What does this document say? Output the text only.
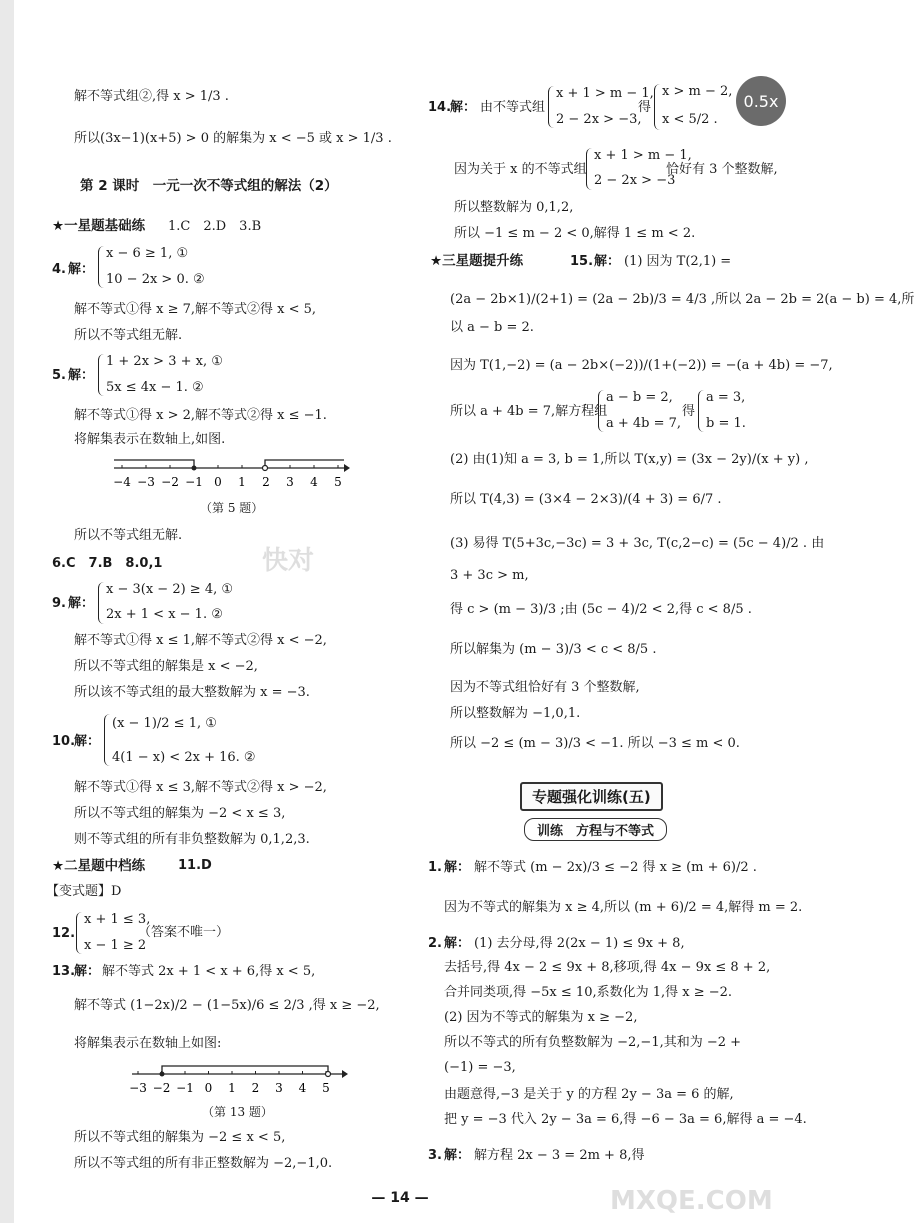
解不等式组②,得 x > 1/3 .
所以(3x−1)(x+5) > 0 的解集为 x < −5 或 x > 1/3 .
第 2 课时　一元一次不等式组的解法（2）
★一星题基础练 1.C　2.D　3.B
4. 解：
x − 6 ≥ 1, ①
10 − 2x > 0. ②
解不等式①得 x ≥ 7,解不等式②得 x < 5,
所以不等式组无解.
5. 解：
1 + 2x > 3 + x, ①
5x ≤ 4x − 1. ②
解不等式①得 x > 2,解不等式②得 x ≤ −1.
将解集表示在数轴上,如图.
−4 −3 −2 −1 0 1 2 3 4 5
（第 5 题）
所以不等式组无解.
6.C　7.B　8.0,1
9. 解：
x − 3(x − 2) ≥ 4, ①
2x + 1 < x − 1. ②
解不等式①得 x ≤ 1,解不等式②得 x < −2,
所以不等式组的解集是 x < −2,
所以该不等式组的最大整数解为 x = −3.
10.
解：
(x − 1)/2 ≤ 1, ①
4(1 − x) < 2x + 16. ②
解不等式①得 x ≤ 3,解不等式②得 x > −2,
所以不等式组的解集为 −2 < x ≤ 3,
则不等式组的所有非负整数解为 0,1,2,3.
★二星题中档练	11.D
【变式题】D
12.
x + 1 ≤ 3,
x − 1 ≥ 2
（答案不唯一）
13.
解： 解不等式 2x + 1 < x + 6,得 x < 5,
解不等式 (1−2x)/2 − (1−5x)/6 ≤ 2/3 ,得 x ≥ −2,
将解集表示在数轴上如图:
−3 −2 −1 0 1 2 3 4 5
（第 13 题）
所以不等式组的解集为 −2 ≤ x < 5,
所以不等式组的所有非正整数解为 −2,−1,0.
14.
解： 由不等式组
x + 1 > m − 1,
2 − 2x > −3,
得
x > m − 2,
x < 5/2 .
因为关于 x 的不等式组
x + 1 > m − 1,
2 − 2x > −3
恰好有 3 个整数解,
所以整数解为 0,1,2,
所以 −1 ≤ m − 2 < 0,解得 1 ≤ m < 2.
★三星题提升练	15. 解： (1) 因为 T(2,1) =
(2a − 2b×1)/(2+1) = (2a − 2b)/3 = 4/3 ,所以 2a − 2b = 2(a − b) = 4,所
以 a − b = 2.
因为 T(1,−2) = (a − 2b×(−2))/(1+(−2)) = −(a + 4b) = −7,
所以 a + 4b = 7,解方程组
a − b = 2,
a + 4b = 7,
得
a = 3,
b = 1.
(2) 由(1)知 a = 3, b = 1,所以 T(x,y) = (3x − 2y)/(x + y) ,
所以 T(4,3) = (3×4 − 2×3)/(4 + 3) = 6/7 .
(3) 易得 T(5+3c,−3c) = 3 + 3c, T(c,2−c) = (5c − 4)/2 . 由
3 + 3c > m,
得 c > (m − 3)/3 ;由 (5c − 4)/2 < 2,得 c < 8/5 .
所以解集为 (m − 3)/3 < c < 8/5 .
因为不等式组恰好有 3 个整数解,
所以整数解为 −1,0,1.
所以 −2 ≤ (m − 3)/3 < −1. 所以 −3 ≤ m < 0.
专题强化训练(五)
训练　方程与不等式
1. 解： 解不等式 (m − 2x)/3 ≤ −2 得 x ≥ (m + 6)/2 .
因为不等式的解集为 x ≥ 4,所以 (m + 6)/2 = 4,解得 m = 2.
2. 解： (1) 去分母,得 2(2x − 1) ≤ 9x + 8,
去括号,得 4x − 2 ≤ 9x + 8,移项,得 4x − 9x ≤ 8 + 2,
合并同类项,得 −5x ≤ 10,系数化为 1,得 x ≥ −2.
(2) 因为不等式的解集为 x ≥ −2,
所以不等式的所有负整数解为 −2,−1,其和为 −2 +
(−1) = −3,
由题意得,−3 是关于 y 的方程 2y − 3a = 6 的解,
把 y = −3 代入 2y − 3a = 6,得 −6 − 3a = 6,解得 a = −4.
3. 解： 解方程 2x − 3 = 2m + 8,得
快对
MXQE.COM
0.5x
— 14 —
